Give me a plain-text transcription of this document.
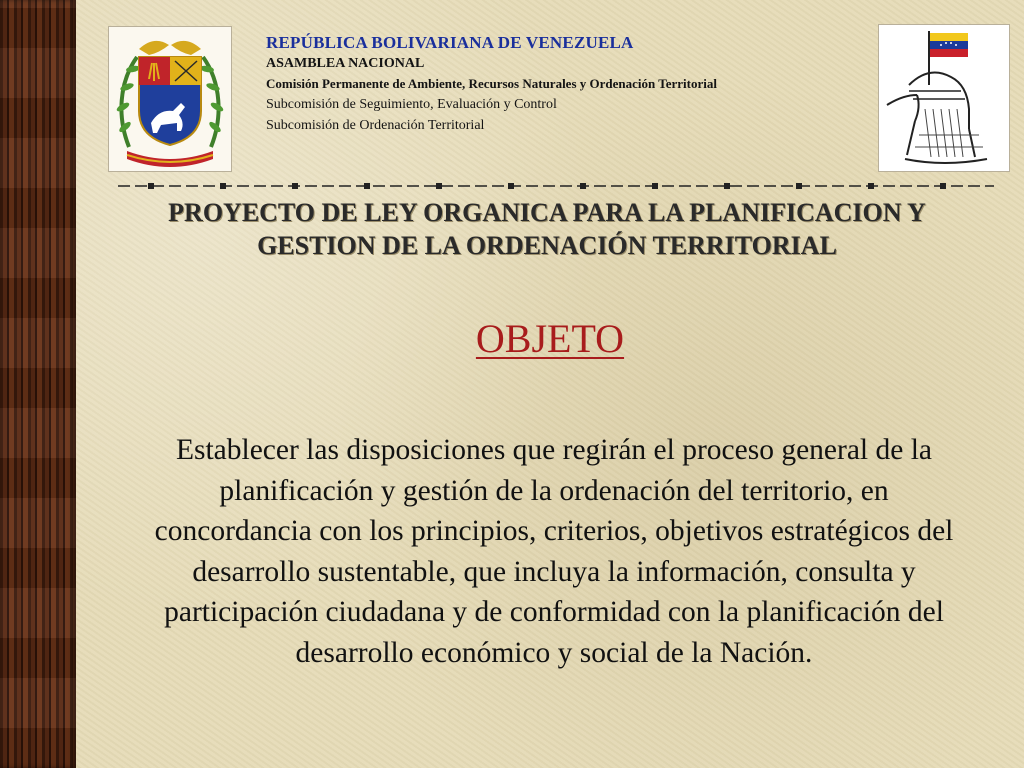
REPÚBLICA BOLIVARIANA DE VENEZUELA

ASAMBLEA NACIONAL

Comisión Permanente de Ambiente, Recursos Naturales y Ordenación Territorial

Subcomisión de Seguimiento, Evaluación y Control

Subcomisión de Ordenación Territorial

PROYECTO DE LEY ORGANICA PARA LA PLANIFICACION Y
GESTION DE LA ORDENACIÓN TERRITORIAL
OBJETO
Establecer las disposiciones que regirán el proceso general de la planificación y gestión de la ordenación del territorio, en concordancia con los principios, criterios, objetivos estratégicos del desarrollo sustentable, que incluya la información, consulta y participación ciudadana y de conformidad con la planificación del desarrollo económico y social de la Nación.
